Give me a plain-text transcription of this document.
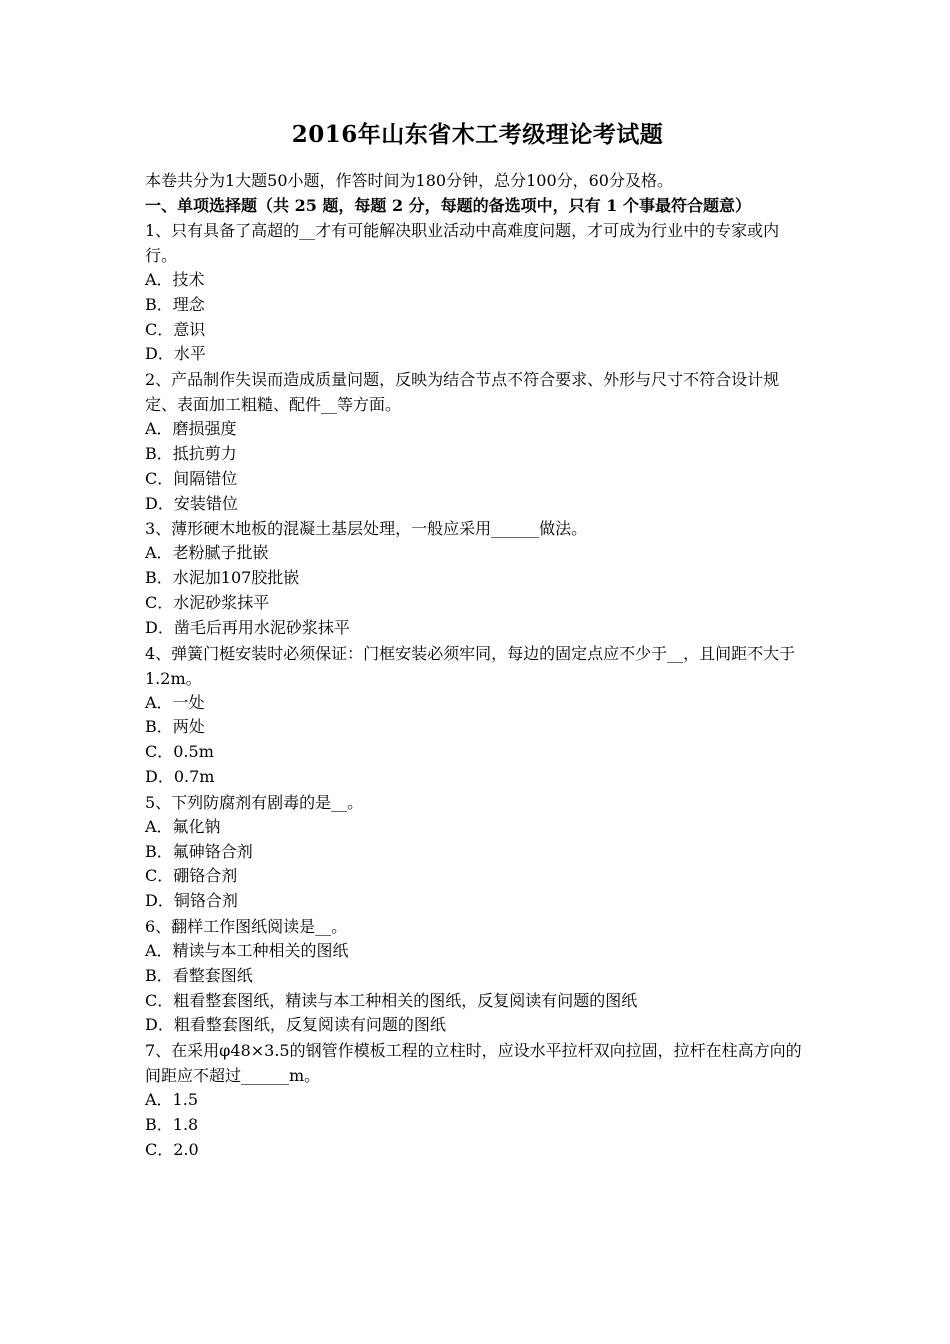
2016年山东省木工考级理论考试题

本卷共分为1大题50小题，作答时间为180分钟，总分100分，60分及格。

一、单项选择题（共 25 题，每题 2 分，每题的备选项中，只有 1 个事最符合题意）

1、只有具备了高超的__才有可能解决职业活动中高难度问题，才可成为行业中的专家或内行。

A．技术

B．理念

C．意识

D．水平

2、产品制作失误而造成质量问题，反映为结合节点不符合要求、外形与尺寸不符合设计规定、表面加工粗糙、配件__等方面。

A．磨损强度

B．抵抗剪力

C．间隔错位

D．安装错位

3、薄形硬木地板的混凝土基层处理，一般应采用______做法。

A．老粉腻子批嵌

B．水泥加107胶批嵌

C．水泥砂浆抹平

D．凿毛后再用水泥砂浆抹平

4、弹簧门梃安装时必须保证：门框安装必须牢同，每边的固定点应不少于__，且间距不大于1.2m。

A．一处

B．两处

C．0.5m

D．0.7m

5、下列防腐剂有剧毒的是__。

A．氟化钠

B．氟砷铬合剂

C．硼铬合剂

D．铜铬合剂

6、翻样工作图纸阅读是__。

A．精读与本工种相关的图纸

B．看整套图纸

C．粗看整套图纸，精读与本工种相关的图纸，反复阅读有问题的图纸

D．粗看整套图纸，反复阅读有问题的图纸

7、在采用φ48×3.5的钢管作模板工程的立柱时，应设水平拉杆双向拉固，拉杆在柱高方向的间距应不超过______m。

A．1.5

B．1.8

C．2.0
